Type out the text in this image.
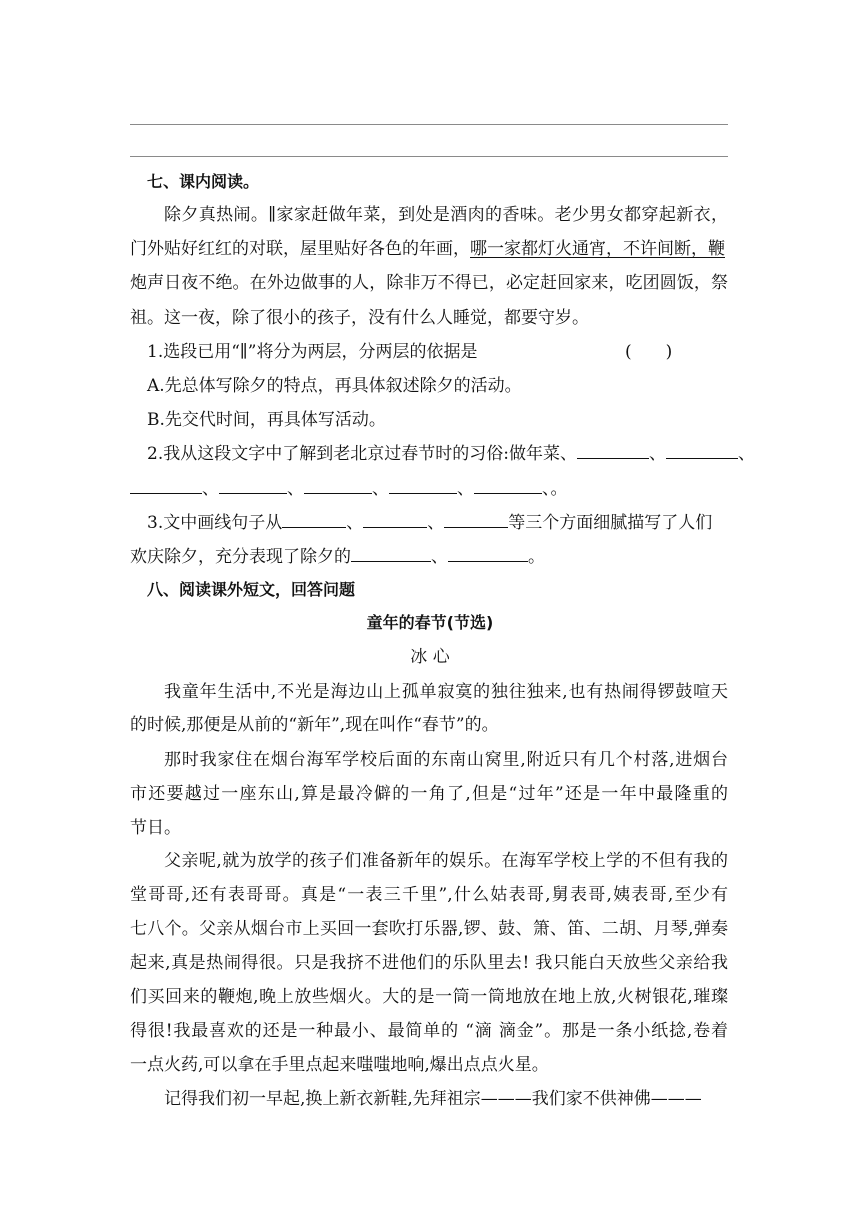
七、课内阅读。
除夕真热闹。∥家家赶做年菜，到处是酒肉的香味。老少男女都穿起新衣，
门外贴好红红的对联，屋里贴好各色的年画，哪一家都灯火通宵，不许间断，鞭
炮声日夜不绝。在外边做事的人，除非万不得已，必定赶回家来，吃团圆饭，祭
祖。这一夜，除了很小的孩子，没有什么人睡觉，都要守岁。
1.选段已用“∥”将分为两层，分两层的依据是	(　　)
A.先总体写除夕的特点，再具体叙述除夕的活动。
B.先交代时间，再具体写活动。
2.我从这段文字中了解到老北京过春节时的习俗:做年菜、	、	、
、	、	、	、	、。
3.文中画线句子从	、	、	等三个方面细腻描写了人们
欢庆除夕，充分表现了除夕的	、	。
八、阅读课外短文，回答问题
童年的春节(节选)
冰 心
我童年生活中,不光是海边山上孤单寂寞的独往独来,也有热闹得锣鼓喧天
的时候,那便是从前的“新年”,现在叫作“春节”的。
那时我家住在烟台海军学校后面的东南山窝里,附近只有几个村落,进烟台
市还要越过一座东山,算是最冷僻的一角了,但是“过年”还是一年中最隆重的
节日。
父亲呢,就为放学的孩子们准备新年的娱乐。在海军学校上学的不但有我的
堂哥哥,还有表哥哥。真是“一表三千里”,什么姑表哥,舅表哥,姨表哥,至少有
七八个。父亲从烟台市上买回一套吹打乐器,锣、鼓、箫、笛、二胡、月琴,弹奏
起来,真是热闹得很。只是我挤不进他们的乐队里去! 我只能白天放些父亲给我
们买回来的鞭炮,晚上放些烟火。大的是一筒一筒地放在地上放,火树银花,璀璨
得很!我最喜欢的还是一种最小、最简单的 “滴 滴金”。那是一条小纸捻,卷着
一点火药,可以拿在手里点起来嗤嗤地响,爆出点点火星。
记得我们初一早起,换上新衣新鞋,先拜祖宗———我们家不供神佛———
